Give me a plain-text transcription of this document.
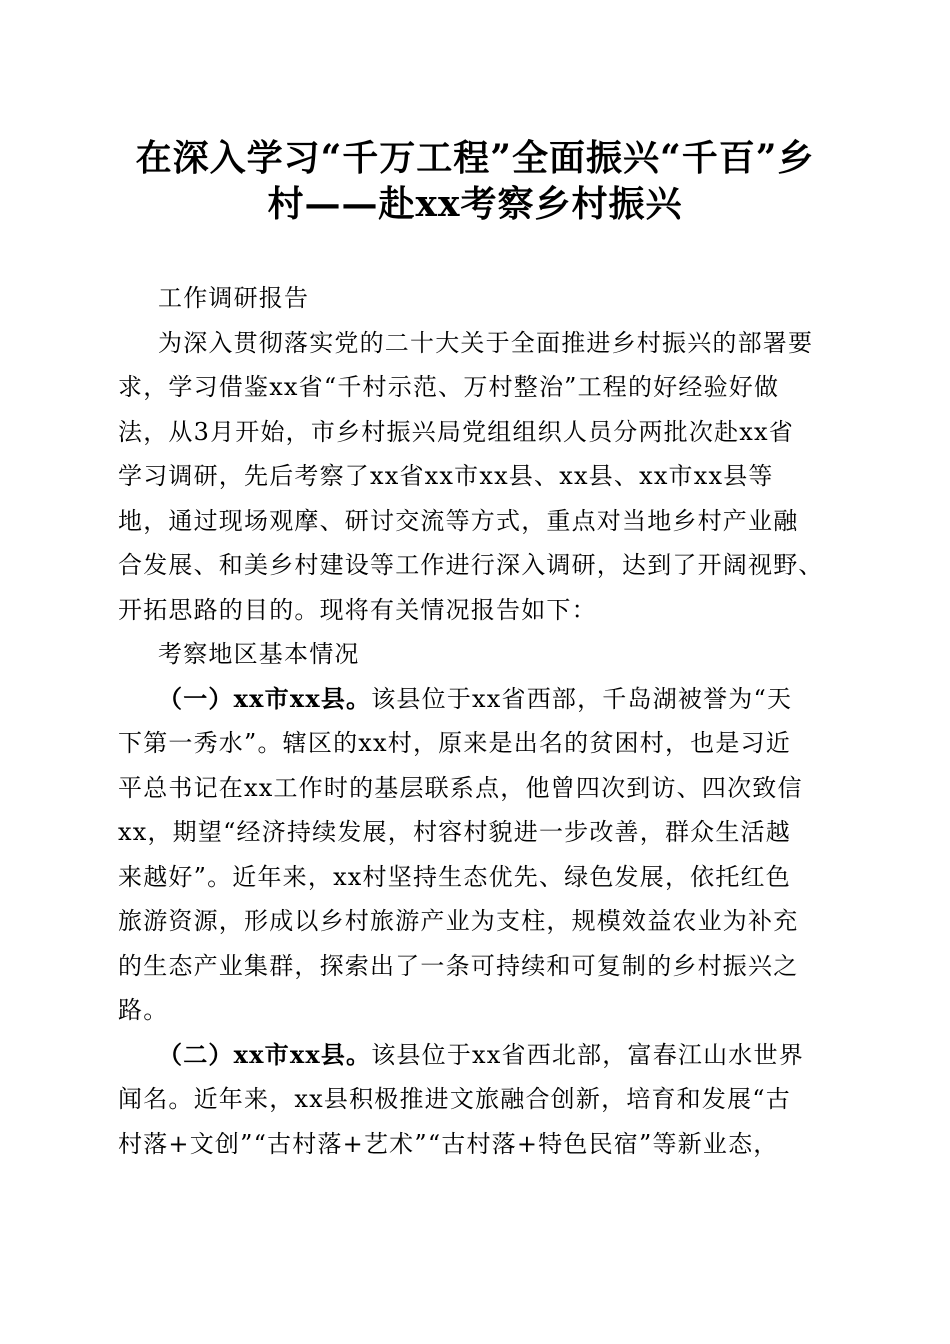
在深入学习“千万工程”全面振兴“千百”乡
村——赴xx考察乡村振兴

工作调研报告

为深入贯彻落实党的二十大关于全面推进乡村振兴的部署要
求，学习借鉴xx省“千村示范、万村整治”工程的好经验好做
法，从3月开始，市乡村振兴局党组组织人员分两批次赴xx省
学习调研，先后考察了xx省xx市xx县、xx县、xx市xx县等
地，通过现场观摩、研讨交流等方式，重点对当地乡村产业融
合发展、和美乡村建设等工作进行深入调研，达到了开阔视野、
开拓思路的目的。现将有关情况报告如下：

考察地区基本情况

（一）xx市xx县。该县位于xx省西部，千岛湖被誉为“天
下第一秀水”。辖区的xx村，原来是出名的贫困村，也是习近
平总书记在xx工作时的基层联系点，他曾四次到访、四次致信
xx，期望“经济持续发展，村容村貌进一步改善，群众生活越
来越好”。近年来，xx村坚持生态优先、绿色发展，依托红色
旅游资源，形成以乡村旅游产业为支柱，规模效益农业为补充
的生态产业集群，探索出了一条可持续和可复制的乡村振兴之
路。

（二）xx市xx县。该县位于xx省西北部，富春江山水世界
闻名。近年来，xx县积极推进文旅融合创新，培育和发展“古
村落+文创”“古村落+艺术”“古村落+特色民宿”等新业态，
